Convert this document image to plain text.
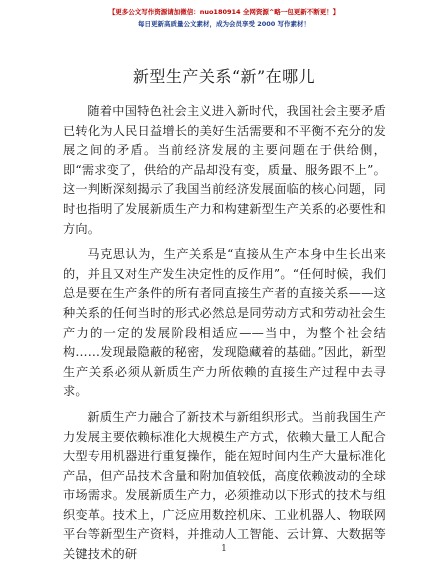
【更多公文写作资源请加微信：nuo180914 全网资源^略一包更新不断更！】
每日更新高质量公文素材，成为会员享受 2000 写作素材！
新型生产关系“新”在哪儿

随着中国特色社会主义进入新时代，我国社会主要矛盾已转化为人民日益增长的美好生活需要和不平衡不充分的发展之间的矛盾。当前经济发展的主要问题在于供给侧，即“需求变了，供给的产品却没有变，质量、服务跟不上”。这一判断深刻揭示了我国当前经济发展面临的核心问题，同时也指明了发展新质生产力和构建新型生产关系的必要性和方向。

马克思认为，生产关系是“直接从生产本身中生长出来的，并且又对生产发生决定性的反作用”。“任何时候，我们总是要在生产条件的所有者同直接生产者的直接关系——这种关系的任何当时的形式必然总是同劳动方式和劳动社会生产力的一定的发展阶段相适应——当中，为整个社会结构……发现最隐蔽的秘密，发现隐藏着的基础。”因此，新型生产关系必须从新质生产力所依赖的直接生产过程中去寻求。

新质生产力融合了新技术与新组织形式。当前我国生产力发展主要依赖标准化大规模生产方式，依赖大量工人配合大型专用机器进行重复操作，能在短时间内生产大量标准化产品，但产品技术含量和附加值较低，高度依赖波动的全球市场需求。发展新质生产力，必须推动以下形式的技术与组织变革。技术上，广泛应用数控机床、工业机器人、物联网平台等新型生产资料，并推动人工智能、云计算、大数据等关键技术的研	1
